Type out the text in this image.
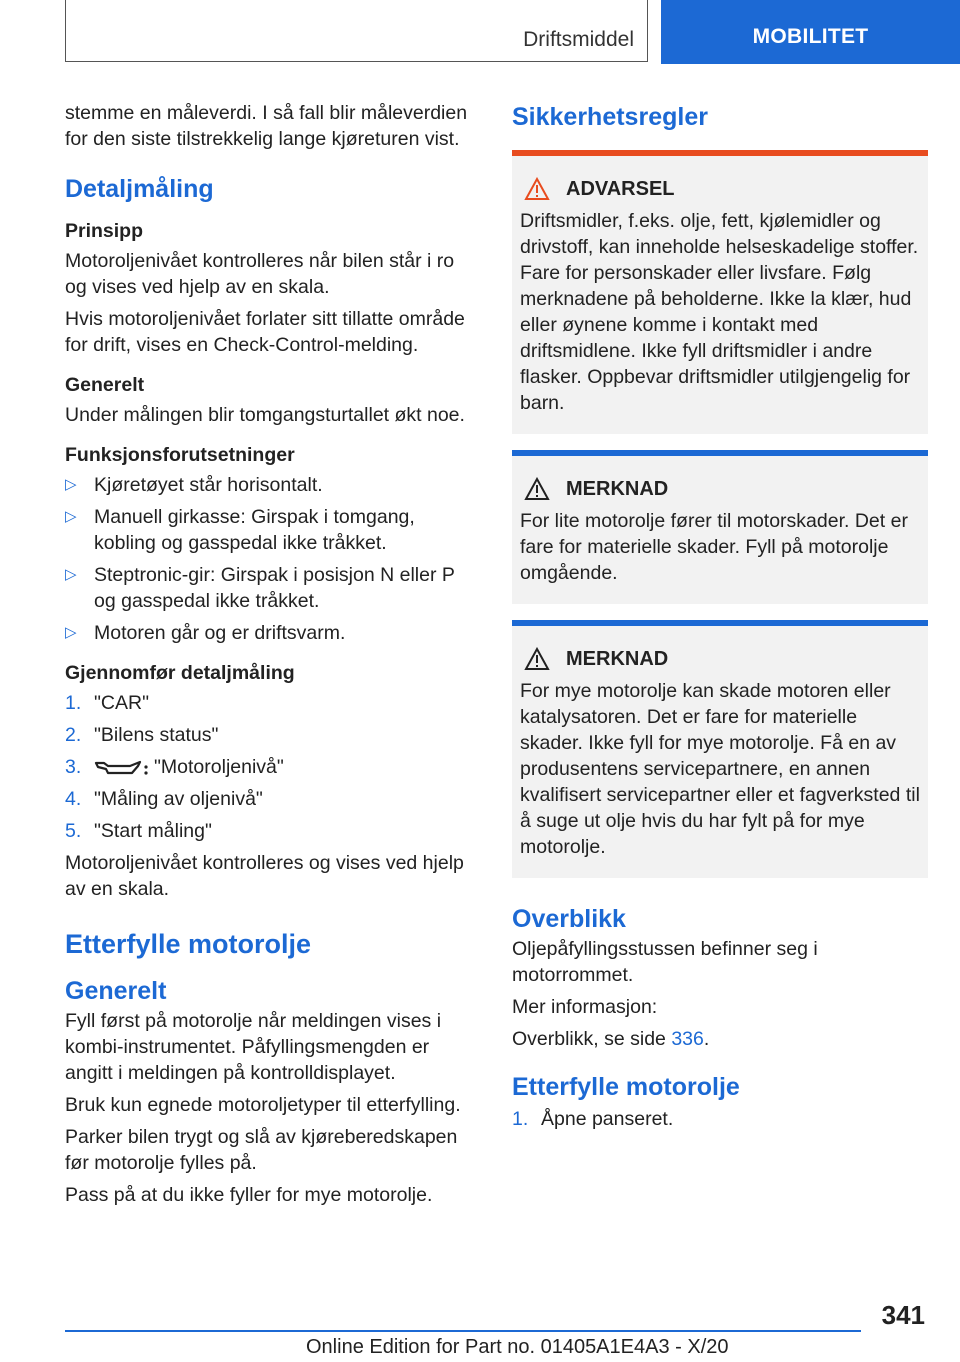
Driftsmiddel	MOBILITET

stemme en måleverdi. I så fall blir måleverdien for den siste tilstrekkelig lange kjøreturen vist.

Detaljmåling
Prinsipp

Motoroljenivået kontrolleres når bilen står i ro og vises ved hjelp av en skala.

Hvis motoroljenivået forlater sitt tillatte område for drift, vises en Check-Control-melding.

Generelt

Under målingen blir tomgangsturtallet økt noe.

Funksjonsforutsetninger
▷ Kjøretøyet står horisontalt.
▷ Manuell girkasse: Girspak i tomgang, kobling og gasspedal ikke tråkket.
▷ Steptronic-gir: Girspak i posisjon N eller P og gasspedal ikke tråkket.
▷ Motoren går og er driftsvarm.
Gjennomfør detaljmåling
1. "CAR"
2. "Bilens status"
3.	"Motoroljenivå"
4. "Måling av oljenivå"
5. "Start måling"

Motoroljenivået kontrolleres og vises ved hjelp av en skala.

Etterfylle motorolje
Generelt

Fyll først på motorolje når meldingen vises i kombi-instrumentet. Påfyllingsmengden er angitt i meldingen på kontrolldisplayet.

Bruk kun egnede motoroljetyper til etterfylling.

Parker bilen trygt og slå av kjøreberedskapen før motorolje fylles på.

Pass på at du ikke fyller for mye motorolje.

Sikkerhetsregler
ADVARSEL
Driftsmidler, f.eks. olje, fett, kjølemidler og drivstoff, kan inneholde helseskadelige stoffer. Fare for personskader eller livsfare. Følg merknadene på beholderne. Ikke la klær, hud eller øynene komme i kontakt med driftsmidlene. Ikke fyll driftsmidler i andre flasker. Oppbevar driftsmidler utilgjengelig for barn.
MERKNAD
For lite motorolje fører til motorskader. Det er fare for materielle skader. Fyll på motorolje omgående.
MERKNAD
For mye motorolje kan skade motoren eller katalysatoren. Det er fare for materielle skader. Ikke fyll for mye motorolje. Få en av produsentens servicepartnere, en annen kvalifisert servicepartner eller et fagverksted til å suge ut olje hvis du har fylt på for mye motorolje.
Overblikk

Oljepåfyllingsstussen befinner seg i motorrommet.

Mer informasjon:

Overblikk, se side 336.

Etterfylle motorolje
1. Åpne panseret.
341
Online Edition for Part no. 01405A1E4A3 - X/20
